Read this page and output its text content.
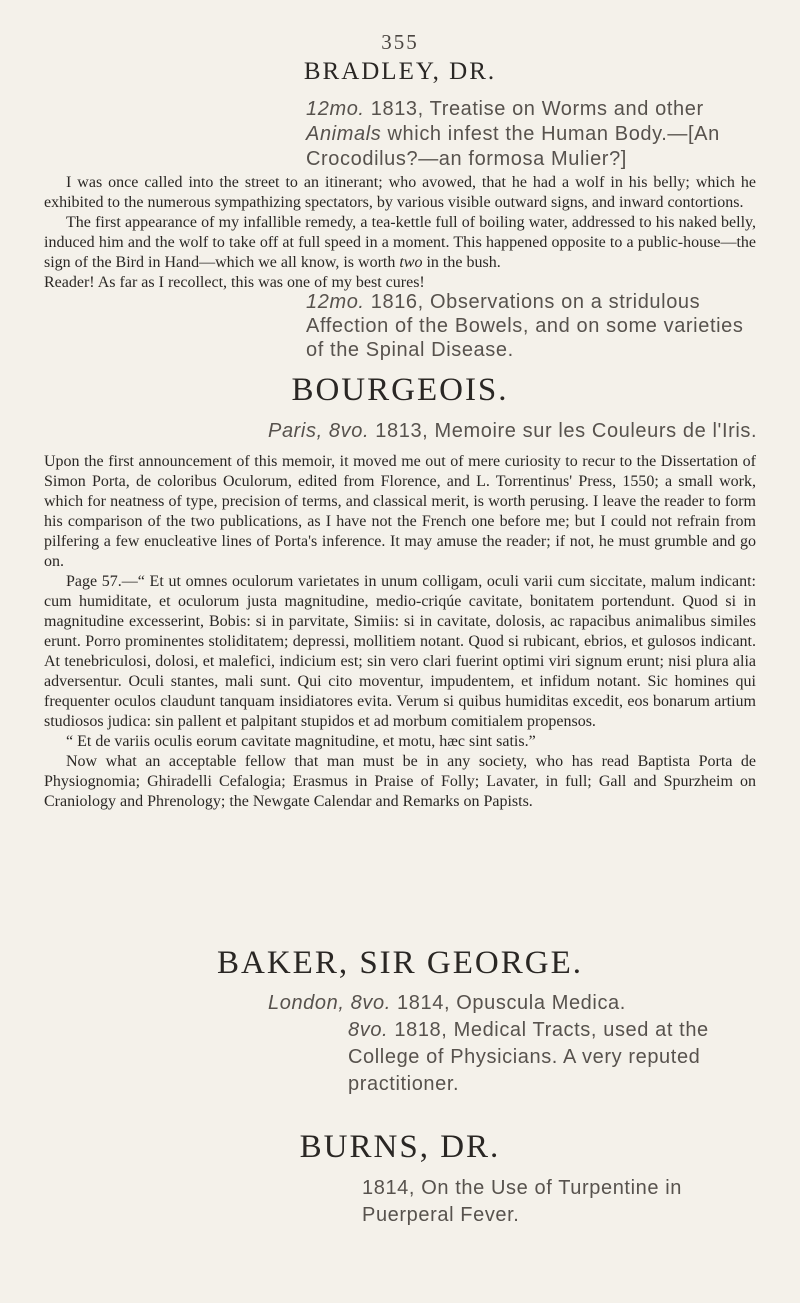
355
BRADLEY, DR.
12mo. 1813, Treatise on Worms and other Animals which infest the Human Body.—[An Crocodilus?—an formosa Mulier?]

I was once called into the street to an itinerant; who avowed, that he had a wolf in his belly; which he exhibited to the numerous sympathizing spectators, by various visible outward signs, and inward contortions.

The first appearance of my infallible remedy, a tea-kettle full of boiling water, addressed to his naked belly, induced him and the wolf to take off at full speed in a moment. This happened opposite to a public-house—the sign of the Bird in Hand—which we all know, is worth two in the bush.

Reader! As far as I recollect, this was one of my best cures!

12mo. 1816, Observations on a stridulous Affection of the Bowels, and on some varieties of the Spinal Disease.
BOURGEOIS.
Paris, 8vo. 1813, Memoire sur les Couleurs de l'Iris.

Upon the first announcement of this memoir, it moved me out of mere curiosity to recur to the Dissertation of Simon Porta, de coloribus Oculorum, edited from Florence, and L. Torrentinus' Press, 1550; a small work, which for neatness of type, precision of terms, and classical merit, is worth perusing. I leave the reader to form his comparison of the two publications, as I have not the French one before me; but I could not refrain from pilfering a few enucleative lines of Porta's inference. It may amuse the reader; if not, he must grumble and go on.

Page 57.—“ Et ut omnes oculorum varietates in unum colligam, oculi varii cum siccitate, malum indicant: cum humiditate, et oculorum justa magnitudine, medio-criqúe cavitate, bonitatem portendunt. Quod si in magnitudine excesserint, Bobis: si in parvitate, Simiis: si in cavitate, dolosis, ac rapacibus animalibus similes erunt. Porro prominentes stoliditatem; depressi, mollitiem notant. Quod si rubicant, ebrios, et gulosos indicant. At tenebriculosi, dolosi, et malefici, indicium est; sin vero clari fuerint optimi viri signum erunt; nisi plura alia adversentur. Oculi stantes, mali sunt. Qui cito moventur, impudentem, et infidum notant. Sic homines qui frequenter oculos claudunt tanquam insidiatores evita. Verum si quibus humiditas excedit, eos bonarum artium studiosos judica: sin pallent et palpitant stupidos et ad morbum comitialem propensos.

“ Et de variis oculis eorum cavitate magnitudine, et motu, hæc sint satis.”

Now what an acceptable fellow that man must be in any society, who has read Baptista Porta de Physiognomia; Ghiradelli Cefalogia; Erasmus in Praise of Folly; Lavater, in full; Gall and Spurzheim on Craniology and Phrenology; the Newgate Calendar and Remarks on Papists.

BAKER, SIR GEORGE.
London, 8vo. 1814, Opuscula Medica.
8vo. 1818, Medical Tracts, used at the College of Physicians. A very reputed practitioner.
BURNS, DR.
1814, On the Use of Turpentine in Puerperal Fever.
